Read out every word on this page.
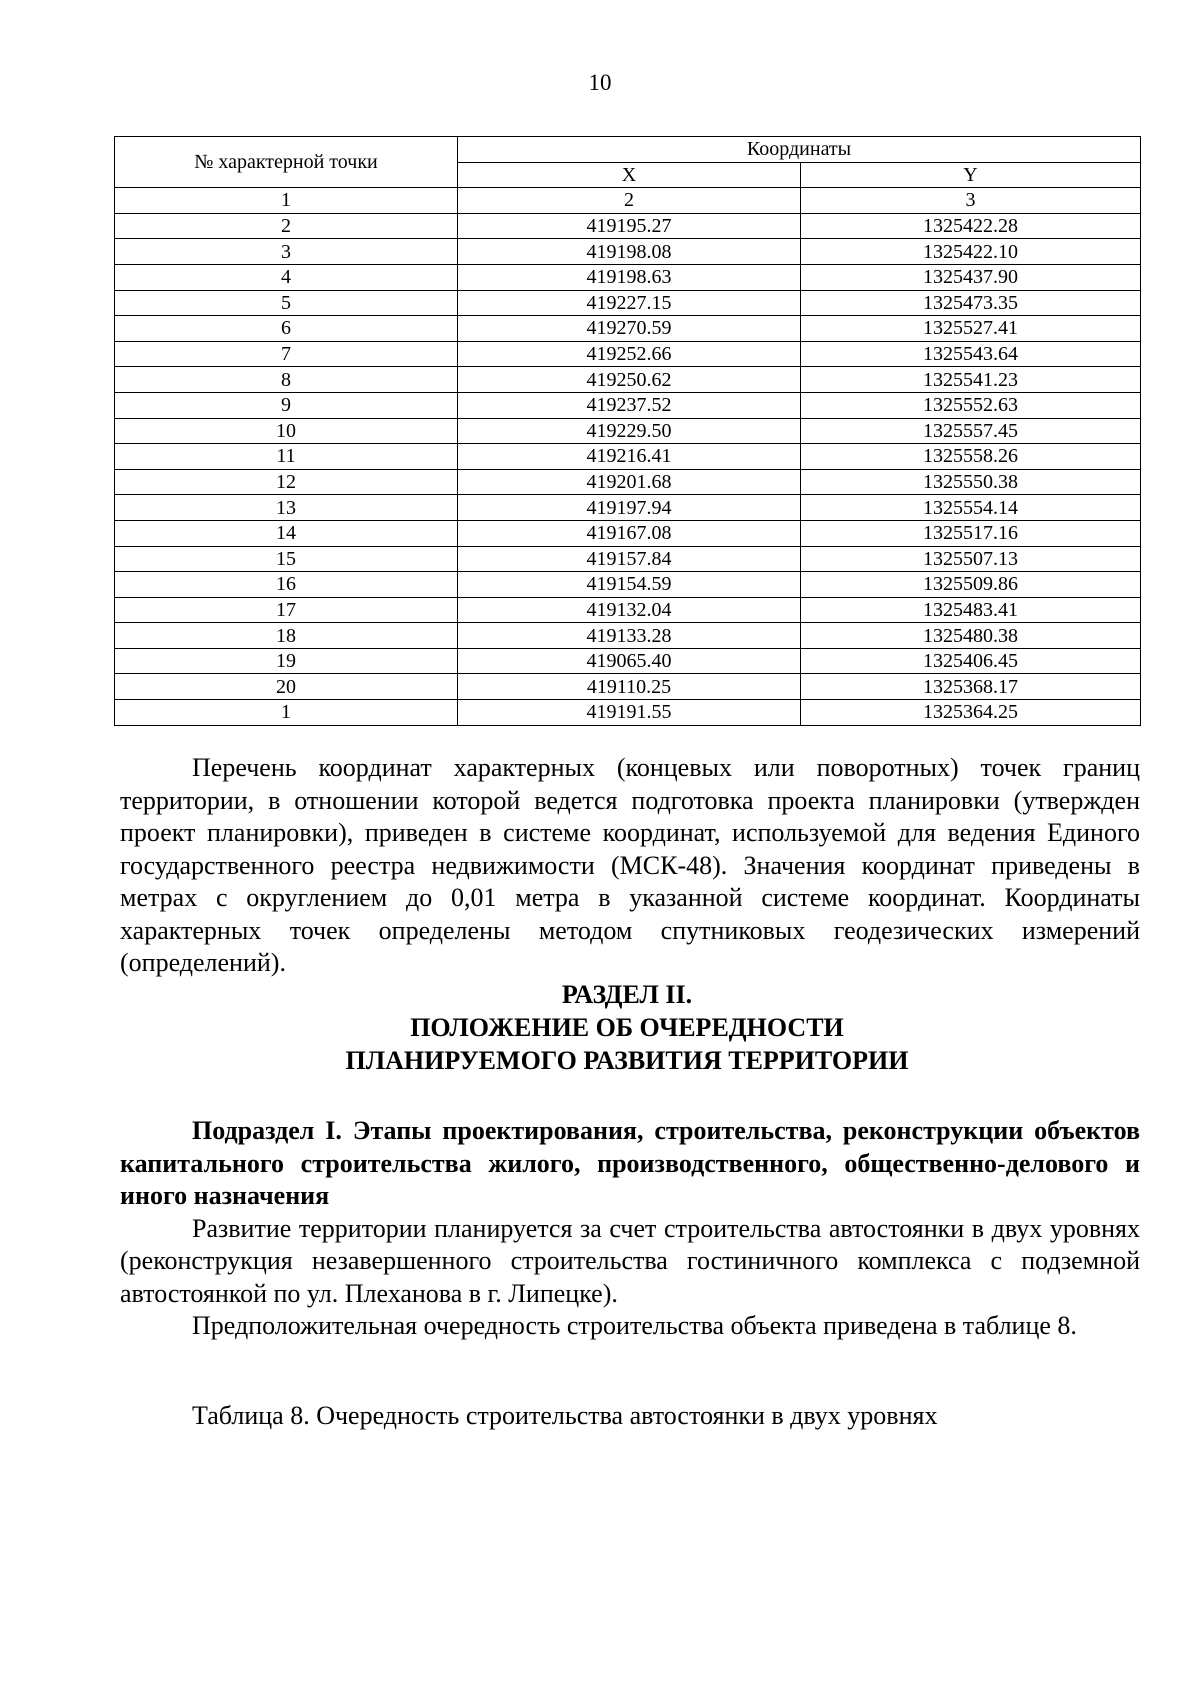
10
№ характерной точки	Координаты	
	X	Y
1	2	3
2	419195.27	1325422.28
3	419198.08	1325422.10
4	419198.63	1325437.90
5	419227.15	1325473.35
6	419270.59	1325527.41
7	419252.66	1325543.64
8	419250.62	1325541.23
9	419237.52	1325552.63
10	419229.50	1325557.45
11	419216.41	1325558.26
12	419201.68	1325550.38
13	419197.94	1325554.14
14	419167.08	1325517.16
15	419157.84	1325507.13
16	419154.59	1325509.86
17	419132.04	1325483.41
18	419133.28	1325480.38
19	419065.40	1325406.45
20	419110.25	1325368.17
1	419191.55	1325364.25

Перечень координат характерных (концевых или поворотных) точек границ территории, в отношении которой ведется подготовка проекта планировки (утвержден проект планировки), приведен в системе координат, используемой для ведения Единого государственного реестра недвижимости (МСК-48). Значения координат приведены в метрах с округлением до 0,01 метра в указанной системе координат. Координаты характерных точек определены методом спутниковых геодезических измерений (определений).

РАЗДЕЛ II.
ПОЛОЖЕНИЕ ОБ ОЧЕРЕДНОСТИ
ПЛАНИРУЕМОГО РАЗВИТИЯ ТЕРРИТОРИИ

Подраздел I. Этапы проектирования, строительства, реконструкции объектов капитального строительства жилого, производственного, общественно-делового и иного назначения

Развитие территории планируется за счет строительства автостоянки в двух уровнях (реконструкция незавершенного строительства гостиничного комплекса с подземной автостоянкой по ул. Плеханова в г. Липецке).

Предположительная очередность строительства объекта приведена в таблице 8.

Таблица 8. Очередность строительства автостоянки в двух уровнях
